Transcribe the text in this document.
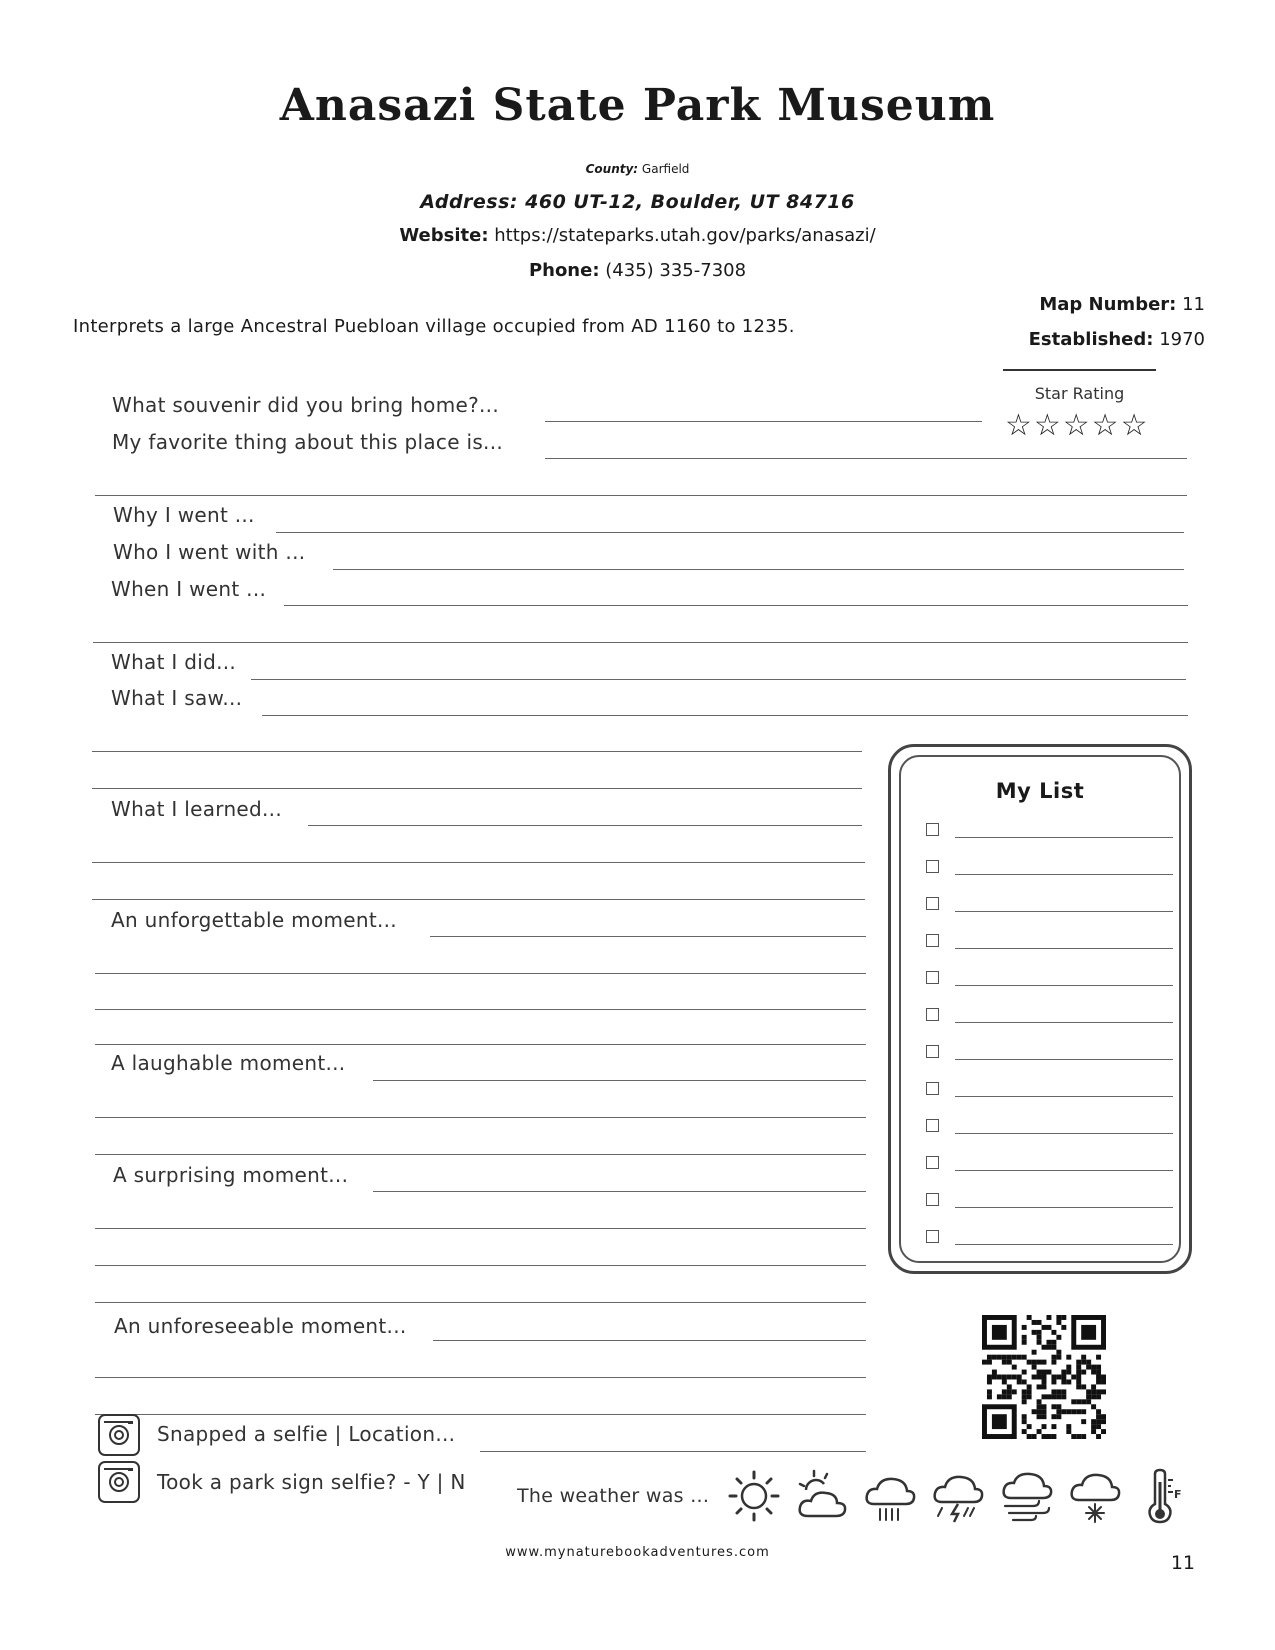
Anasazi State Park Museum
County: Garfield
Address: 460 UT-12, Boulder, UT 84716
Website: https://stateparks.utah.gov/parks/anasazi/
Phone: (435) 335-7308
Interprets a large Ancestral Puebloan village occupied from AD 1160 to 1235.
Map Number: 11
Established: 1970
Star Rating
☆☆☆☆☆
What souvenir did you bring home?...
My favorite thing about this place is...
Why I went ...
Who I went with ...
When I went ...
What I did...
What I saw...
What I learned...
An unforgettable moment...
A laughable moment...
A surprising moment...
An unforeseeable moment...
Snapped a selfie | Location...
Took a park sign selfie? - Y | N
The weather was ...	F
My List
www.mynaturebookadventures.com	11
